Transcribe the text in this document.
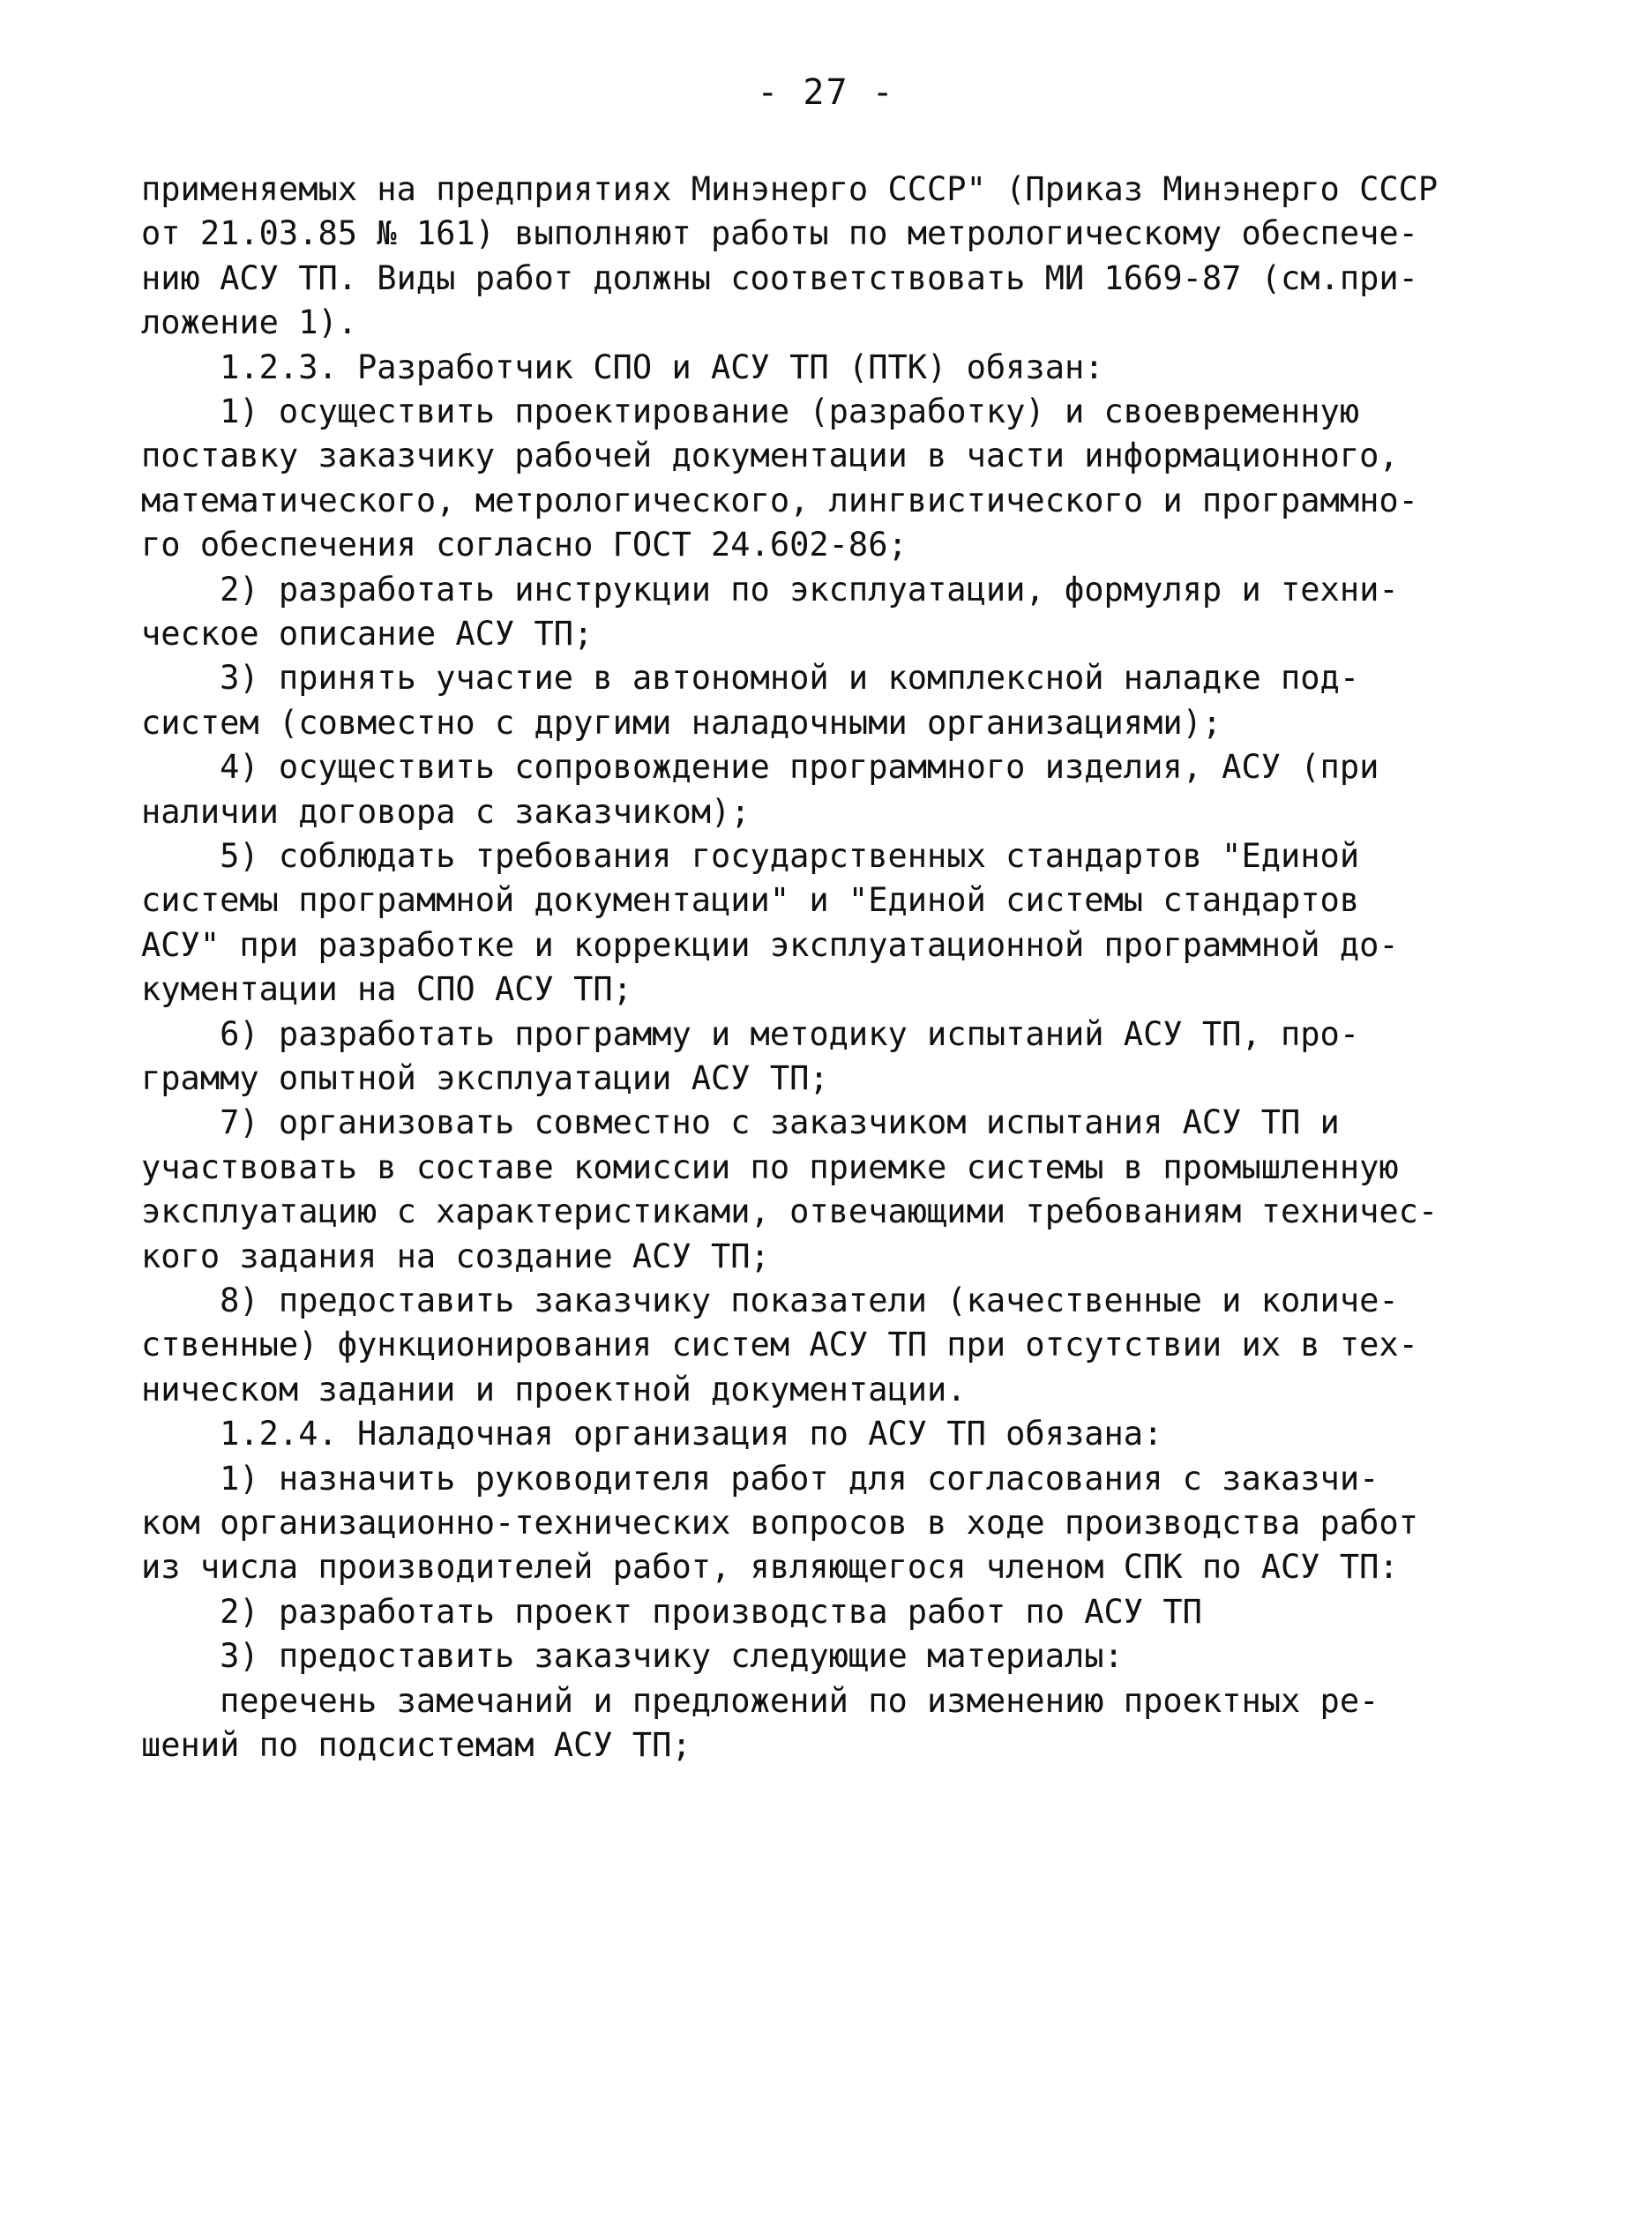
- 27 -
применяемых на предприятиях Минэнерго СССР" (Приказ Минэнерго СССР
от 21.03.85 № 161) выполняют работы по метрологическому обеспече-
нию АСУ ТП. Виды работ должны соответствовать МИ 1669-87 (см.при-
ложение 1).
1.2.3. Разработчик СПО и АСУ ТП (ПТК) обязан:
1) осуществить проектирование (разработку) и своевременную
поставку заказчику рабочей документации в части информационного,
математического, метрологического, лингвистического и программно-
го обеспечения согласно ГОСТ 24.602-86;
2) разработать инструкции по эксплуатации, формуляр и техни-
ческое описание АСУ ТП;
3) принять участие в автономной и комплексной наладке под-
систем (совместно с другими наладочными организациями);
4) осуществить сопровождение программного изделия, АСУ (при
наличии договора с заказчиком);
5) соблюдать требования государственных стандартов "Единой
системы программной документации" и "Единой системы стандартов
АСУ" при разработке и коррекции эксплуатационной программной до-
кументации на СПО АСУ ТП;
6) разработать программу и методику испытаний АСУ ТП, про-
грамму опытной эксплуатации АСУ ТП;
7) организовать совместно с заказчиком испытания АСУ ТП и
участвовать в составе комиссии по приемке системы в промышленную
эксплуатацию с характеристиками, отвечающими требованиям техничес-
кого задания на создание АСУ ТП;
8) предоставить заказчику показатели (качественные и количе-
ственные) функционирования систем АСУ ТП при отсутствии их в тех-
ническом задании и проектной документации.
1.2.4. Наладочная организация по АСУ ТП обязана:
1) назначить руководителя работ для согласования с заказчи-
ком организационно-технических вопросов в ходе производства работ
из числа производителей работ, являющегося членом СПК по АСУ ТП:
2) разработать проект производства работ по АСУ ТП
3) предоставить заказчику следующие материалы:
перечень замечаний и предложений по изменению проектных ре-
шений по подсистемам АСУ ТП;
